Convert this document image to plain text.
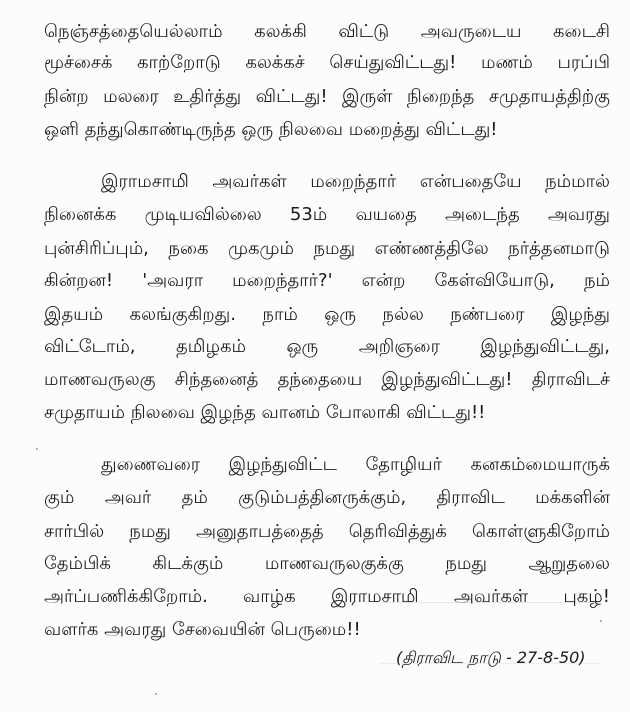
நெஞ்சத்தையெல்லாம் கலக்கி விட்டு அவருடைய கடைசி

மூச்சைக் காற்றோடு கலக்கச் செய்துவிட்டது! மணம் பரப்பி

நின்ற மலரை உதிர்த்து விட்டது! இருள் நிறைந்த சமுதாயத்திற்கு

ஒளி தந்துகொண்டிருந்த ஒரு நிலவை மறைத்து விட்டது!

இராமசாமி அவர்கள் மறைந்தார் என்பதையே நம்மால்

நினைக்க முடியவில்லை 53ம் வயதை அடைந்த அவரது

புன்சிரிப்பும், நகை முகமும் நமது எண்ணத்திலே நர்த்தனமாடு

கின்றன! 'அவரா மறைந்தார்?' என்ற கேள்வியோடு, நம்

இதயம் கலங்குகிறது. நாம் ஒரு நல்ல நண்பரை இழந்து

விட்டோம், தமிழகம் ஒரு அறிஞரை இழந்துவிட்டது,

மாணவருலகு சிந்தனைத் தந்தையை இழந்துவிட்டது! திராவிடச்

சமுதாயம் நிலவை இழந்த வானம் போலாகி விட்டது!!

துணைவரை இழந்துவிட்ட தோழியர் கனகம்மையாருக்

கும் அவர் தம் குடும்பத்தினருக்கும், திராவிட மக்களின்

சார்பில் நமது அனுதாபத்தைத் தெரிவித்துக் கொள்ளுகிறோம்

தேம்பிக் கிடக்கும் மாணவருலகுக்கு நமது ஆறுதலை

அர்ப்பணிக்கிறோம். வாழ்க இராமசாமி அவர்கள் புகழ்!

வளர்க அவரது சேவையின் பெருமை!!

(திராவிட நாடு - 27-8-50)
